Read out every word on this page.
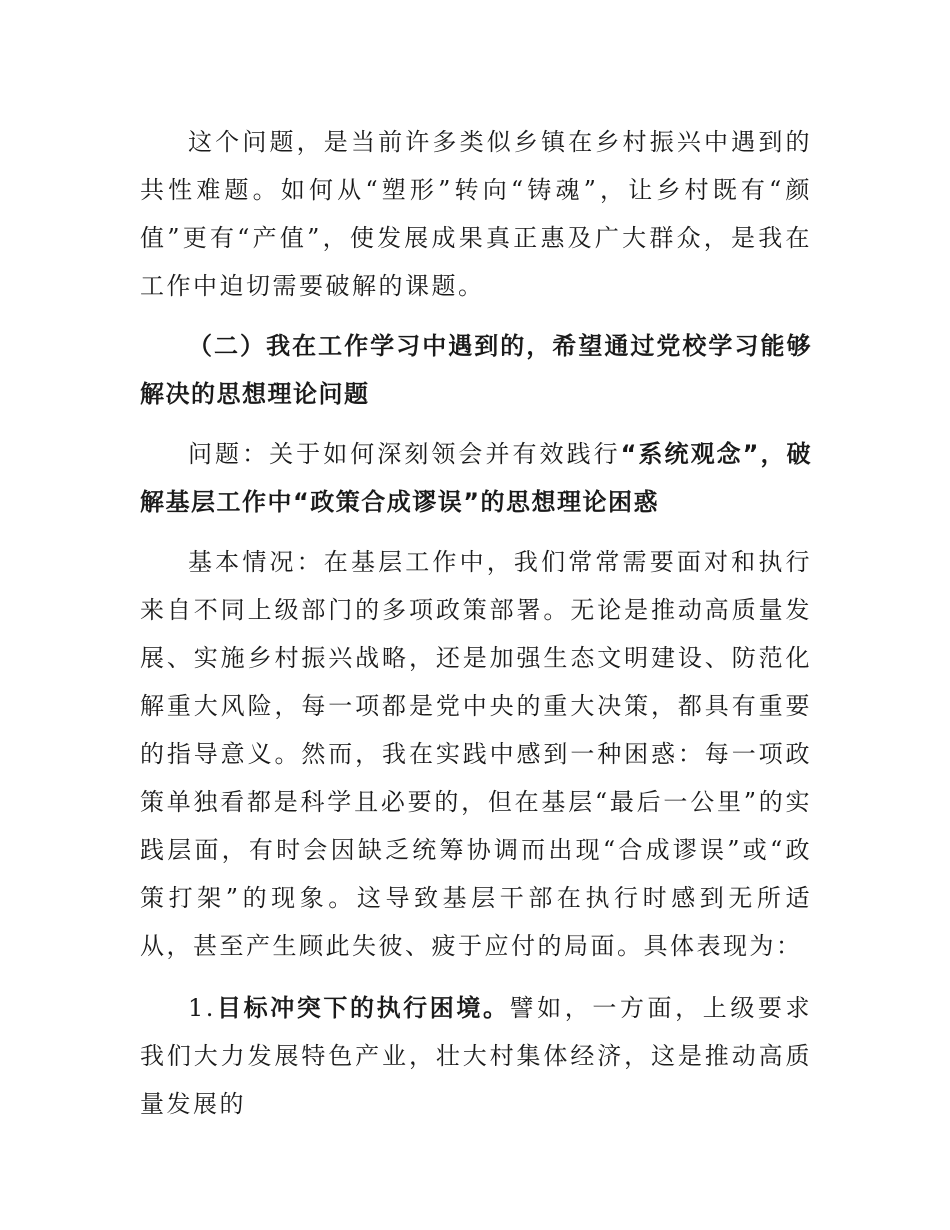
这个问题，是当前许多类似乡镇在乡村振兴中遇到的共性难题。如何从“塑形”转向“铸魂”，让乡村既有“颜值”更有“产值”，使发展成果真正惠及广大群众，是我在工作中迫切需要破解的课题。

（二）我在工作学习中遇到的，希望通过党校学习能够解决的思想理论问题

问题：关于如何深刻领会并有效践行“系统观念”，破解基层工作中“政策合成谬误”的思想理论困惑

基本情况：在基层工作中，我们常常需要面对和执行来自不同上级部门的多项政策部署。无论是推动高质量发展、实施乡村振兴战略，还是加强生态文明建设、防范化解重大风险，每一项都是党中央的重大决策，都具有重要的指导意义。然而，我在实践中感到一种困惑：每一项政策单独看都是科学且必要的，但在基层“最后一公里”的实践层面，有时会因缺乏统筹协调而出现“合成谬误”或“政策打架”的现象。这导致基层干部在执行时感到无所适从，甚至产生顾此失彼、疲于应付的局面。具体表现为：

1.目标冲突下的执行困境。譬如，一方面，上级要求我们大力发展特色产业，壮大村集体经济，这是推动高质量发展的
